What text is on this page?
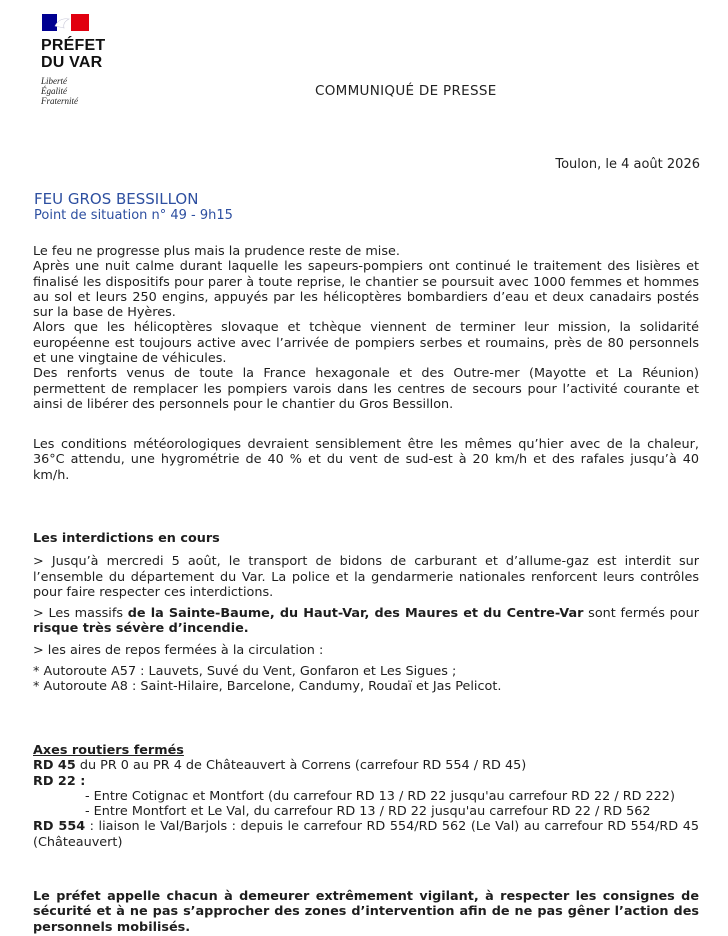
PRÉFET
DU VAR
Liberté
Égalité
Fraternité
COMMUNIQUÉ DE PRESSE
Toulon, le 4 août 2026
FEU GROS BESSILLON
Point de situation n° 49 - 9h15

Le feu ne progresse plus mais la prudence reste de mise.

Après une nuit calme durant laquelle les sapeurs-pompiers ont continué le traitement des lisières et finalisé les dispositifs pour parer à toute reprise, le chantier se poursuit avec 1000 femmes et hommes au sol et leurs 250 engins, appuyés par les hélicoptères bombardiers d’eau et deux canadairs postés sur la base de Hyères.

Alors que les hélicoptères slovaque et tchèque viennent de terminer leur mission, la solidarité européenne est toujours active avec l’arrivée de pompiers serbes et roumains, près de 80 personnels et une vingtaine de véhicules.

Des renforts venus de toute la France hexagonale et des Outre-mer (Mayotte et La Réunion) permettent de remplacer les pompiers varois dans les centres de secours pour l’activité courante et ainsi de libérer des personnels pour le chantier du Gros Bessillon.

Les conditions météorologiques devraient sensiblement être les mêmes qu’hier avec de la chaleur, 36°C attendu, une hygrométrie de 40 % et du vent de sud-est à 20 km/h et des rafales jusqu’à 40 km/h.

Les interdictions en cours

> Jusqu’à mercredi 5 août, le transport de bidons de carburant et d’allume-gaz est interdit sur l’ensemble du département du Var. La police et la gendarmerie nationales renforcent leurs contrôles pour faire respecter ces interdictions.

> Les massifs de la Sainte-Baume, du Haut-Var, des Maures et du Centre-Var sont fermés pour risque très sévère d’incendie.

> les aires de repos fermées à la circulation :

* Autoroute A57 : Lauvets, Suvé du Vent, Gonfaron et Les Sigues ;

* Autoroute A8 : Saint-Hilaire, Barcelone, Candumy, Roudaï et Jas Pelicot.

Axes routiers fermés

RD 45 du PR 0 au PR 4 de Châteauvert à Correns (carrefour RD 554 / RD 45)

RD 22 :

- Entre Cotignac et Montfort (du carrefour RD 13 / RD 22 jusqu'au carrefour RD 22 / RD 222)

- Entre Montfort et Le Val, du carrefour RD 13 / RD 22 jusqu'au carrefour RD 22 / RD 562

RD 554 : liaison le Val/Barjols : depuis le carrefour RD 554/RD 562 (Le Val) au carrefour RD 554/RD 45 (Châteauvert)

Le préfet appelle chacun à demeurer extrêmement vigilant, à respecter les consignes de sécurité et à ne pas s’approcher des zones d’intervention afin de ne pas gêner l’action des personnels mobilisés.
